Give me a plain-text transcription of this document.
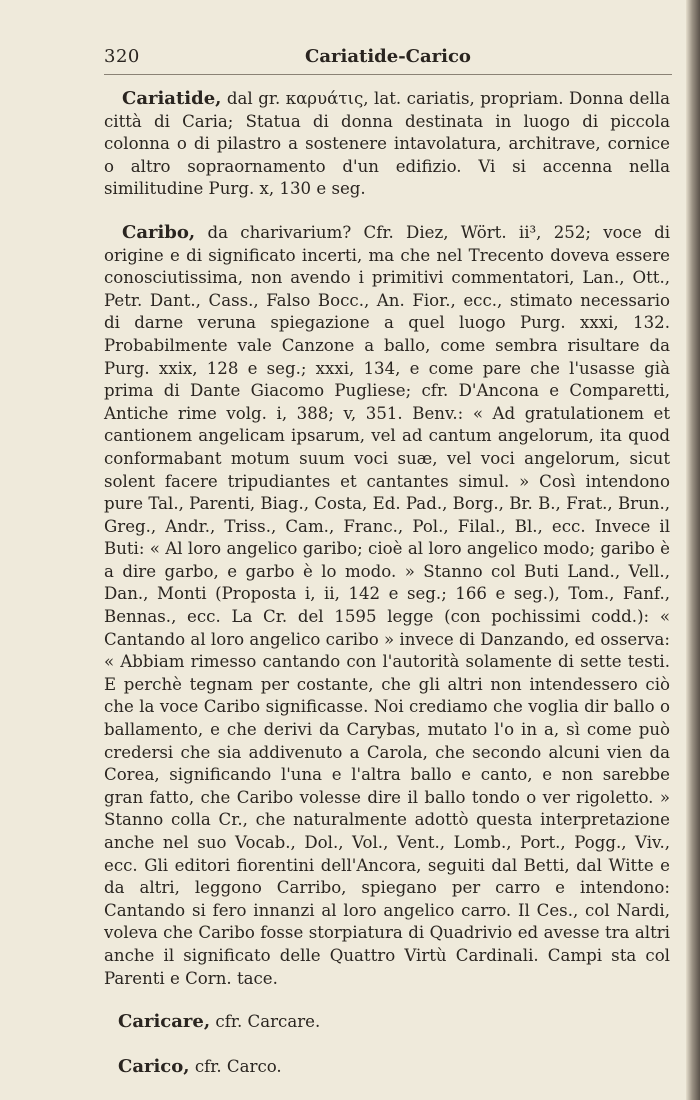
320	Cariatide-Carico

Cariatide, dal gr. καρυάτις, lat. cariatis, propriam. Donna della città di Caria; Statua di donna destinata in luogo di piccola colonna o di pilastro a sostenere intavolatura, architrave, cornice o altro sopraornamento d'un edifizio. Vi si accenna nella similitudine Purg. x, 130 e seg.

Caribo, da charivarium? Cfr. Diez, Wört. ii³, 252; voce di origine e di significato incerti, ma che nel Trecento doveva essere conosciutissima, non avendo i primitivi commentatori, Lan., Ott., Petr. Dant., Cass., Falso Bocc., An. Fior., ecc., stimato necessario di darne veruna spiegazione a quel luogo Purg. xxxi, 132. Probabilmente vale Canzone a ballo, come sembra risultare da Purg. xxix, 128 e seg.; xxxi, 134, e come pare che l'usasse già prima di Dante Giacomo Pugliese; cfr. D'Ancona e Comparetti, Antiche rime volg. i, 388; v, 351. Benv.: « Ad gratulationem et cantionem angelicam ipsarum, vel ad cantum angelorum, ita quod conformabant motum suum voci suæ, vel voci angelorum, sicut solent facere tripudiantes et cantantes simul. » Così intendono pure Tal., Parenti, Biag., Costa, Ed. Pad., Borg., Br. B., Frat., Brun., Greg., Andr., Triss., Cam., Franc., Pol., Filal., Bl., ecc. Invece il Buti: « Al loro angelico garibo; cioè al loro angelico modo; garibo è a dire garbo, e garbo è lo modo. » Stanno col Buti Land., Vell., Dan., Monti (Proposta i, ii, 142 e seg.; 166 e seg.), Tom., Fanf., Bennas., ecc. La Cr. del 1595 legge (con pochissimi codd.): « Cantando al loro angelico caribo » invece di Danzando, ed osserva: « Abbiam rimesso cantando con l'autorità solamente di sette testi. E perchè tegnam per costante, che gli altri non intendessero ciò che la voce Caribo significasse. Noi crediamo che voglia dir ballo o ballamento, e che derivi da Carybas, mutato l'o in a, sì come può credersi che sia addivenuto a Carola, che secondo alcuni vien da Corea, significando l'una e l'altra ballo e canto, e non sarebbe gran fatto, che Caribo volesse dire il ballo tondo o ver rigoletto. » Stanno colla Cr., che naturalmente adottò questa interpretazione anche nel suo Vocab., Dol., Vol., Vent., Lomb., Port., Pogg., Viv., ecc. Gli editori fiorentini dell'Ancora, seguiti dal Betti, dal Witte e da altri, leggono Carribo, spiegano per carro e intendono: Cantando si fero innanzi al loro angelico carro. Il Ces., col Nardi, voleva che Caribo fosse storpiatura di Quadrivio ed avesse tra altri anche il significato delle Quattro Virtù Cardinali. Campi sta col Parenti e Corn. tace.

Caricare, cfr. Carcare.

Carico, cfr. Carco.
